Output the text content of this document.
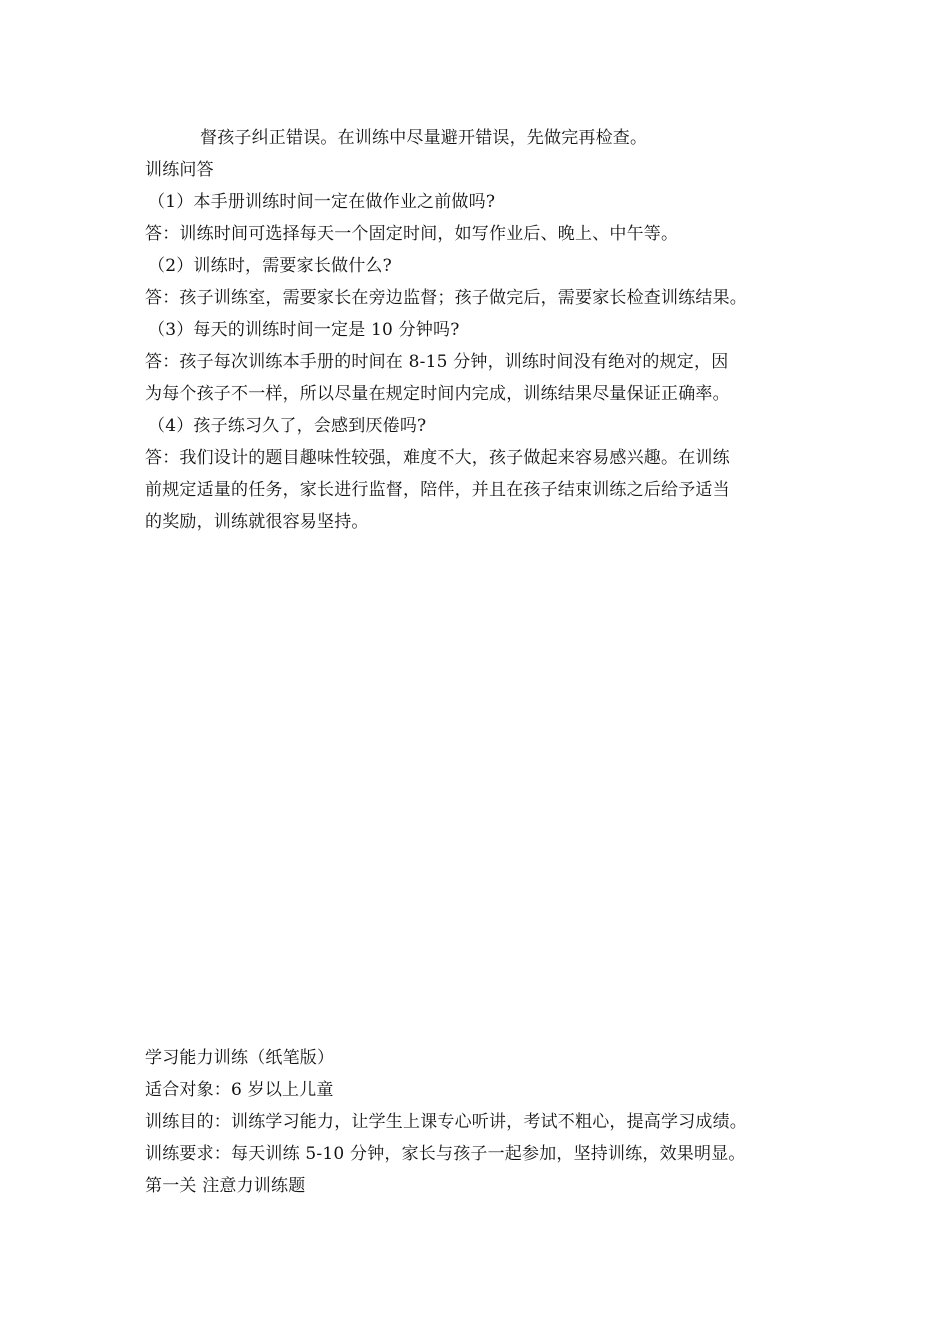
督孩子纠正错误。在训练中尽量避开错误，先做完再检查。
训练问答
（1）本手册训练时间一定在做作业之前做吗?
答：训练时间可选择每天一个固定时间，如写作业后、晚上、中午等。
（2）训练时，需要家长做什么?
答：孩子训练室，需要家长在旁边监督；孩子做完后，需要家长检查训练结果。
（3）每天的训练时间一定是 10 分钟吗?
答：孩子每次训练本手册的时间在 8-15 分钟，训练时间没有绝对的规定，因
为每个孩子不一样，所以尽量在规定时间内完成，训练结果尽量保证正确率。
（4）孩子练习久了，会感到厌倦吗?
答：我们设计的题目趣味性较强，难度不大，孩子做起来容易感兴趣。在训练
前规定适量的任务，家长进行监督，陪伴，并且在孩子结束训练之后给予适当
的奖励，训练就很容易坚持。
学习能力训练（纸笔版）
适合对象：6 岁以上儿童
训练目的：训练学习能力，让学生上课专心听讲，考试不粗心，提高学习成绩。
训练要求：每天训练 5-10 分钟，家长与孩子一起参加，坚持训练，效果明显。
第一关 注意力训练题
